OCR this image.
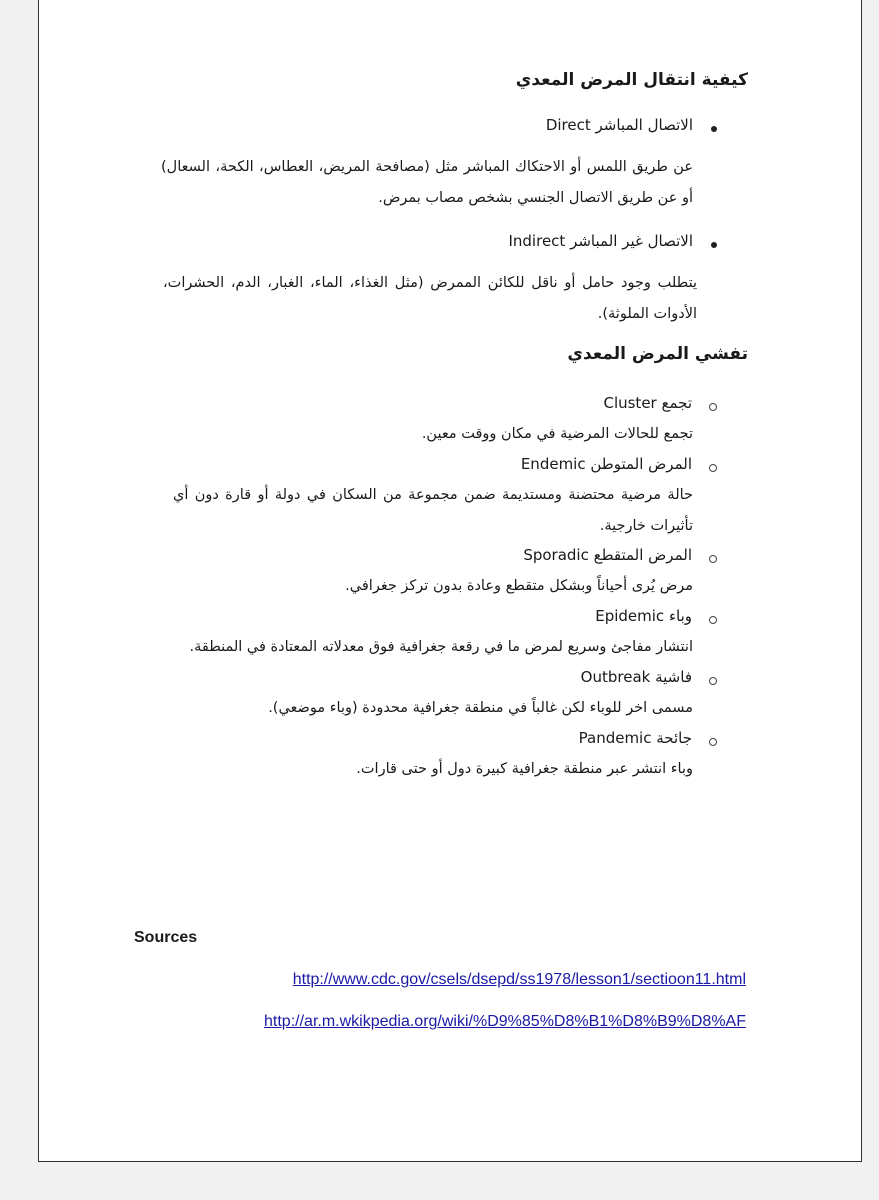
كيفية انتقال المرض المعدي
الاتصال المباشر Direct
عن طريق اللمس أو الاحتكاك المباشر مثل (مصافحة المريض، العطاس، الكحة، السعال) أو عن طريق الاتصال الجنسي بشخص مصاب بمرض.
الاتصال غير المباشر Indirect
يتطلب وجود حامل أو ناقل للكائن الممرض (مثل الغذاء، الماء، الغبار، الدم، الحشرات، الأدوات الملوثة).
تفشي المرض المعدي
تجمع Cluster
تجمع للحالات المرضية في مكان ووقت معين.
المرض المتوطن Endemic
حالة مرضية محتضنة ومستديمة ضمن مجموعة من السكان في دولة أو قارة دون أي تأثيرات خارجية.
المرض المتقطع Sporadic
مرض يُرى أحياناً وبشكل متقطع وعادة بدون تركز جغرافي.
وباء Epidemic
انتشار مفاجئ وسريع لمرض ما في رقعة جغرافية فوق معدلاته المعتادة في المنطقة.
فاشية Outbreak
مسمى اخر للوباء لكن غالباً في منطقة جغرافية محدودة (وباء موضعي).
جائحة Pandemic
وباء انتشر عبر منطقة جغرافية كبيرة دول أو حتى قارات.
Sources
http://www.cdc.gov/csels/dsepd/ss1978/lesson1/sectioon11.html
http://ar.m.wkikpedia.org/wiki/%D9%85%D8%B1%D8%B9%D8%AF
